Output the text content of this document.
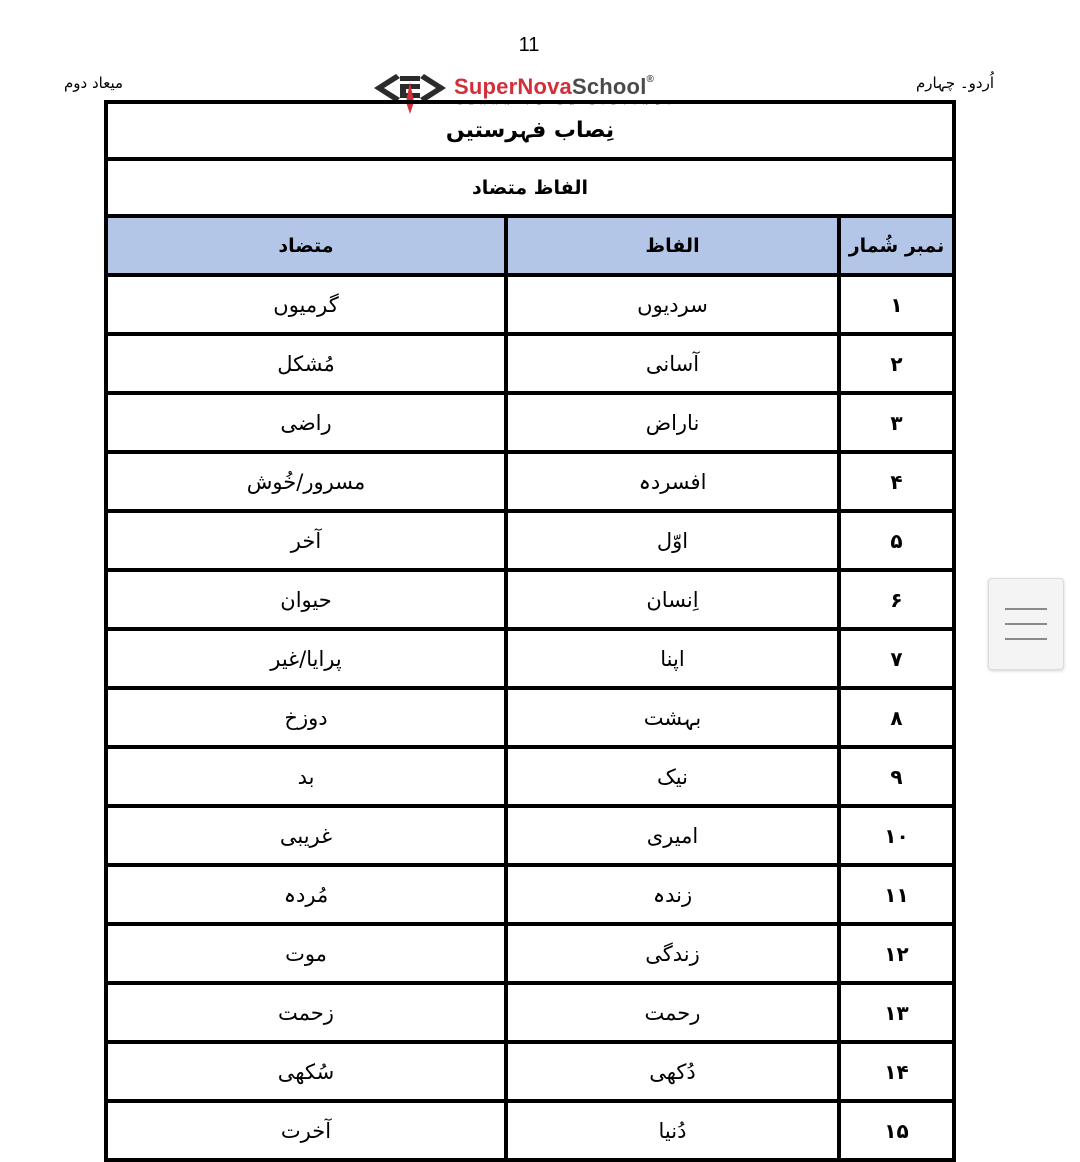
11
میعاد دوم	اُردو۔ چہارم
SuperNovaSchool®
LEARN TO BE DISTINCT
نِصاب فہرستیں		
الفاظ متضاد		
متضاد	الفاظ	نمبر شُمار
گرمیوں	سردیوں	۱
مُشکل	آسانی	۲
راضی	ناراض	۳
مسرور/خُوش	افسردہ	۴
آخر	اوّل	۵
حیوان	اِنسان	۶
پرایا/غیر	اپنا	۷
دوزخ	بہشت	۸
بد	نیک	۹
غریبی	امیری	۱۰
مُردہ	زندہ	۱۱
موت	زندگی	۱۲
زحمت	رحمت	۱۳
سُکھی	دُکھی	۱۴
آخرت	دُنیا	۱۵
